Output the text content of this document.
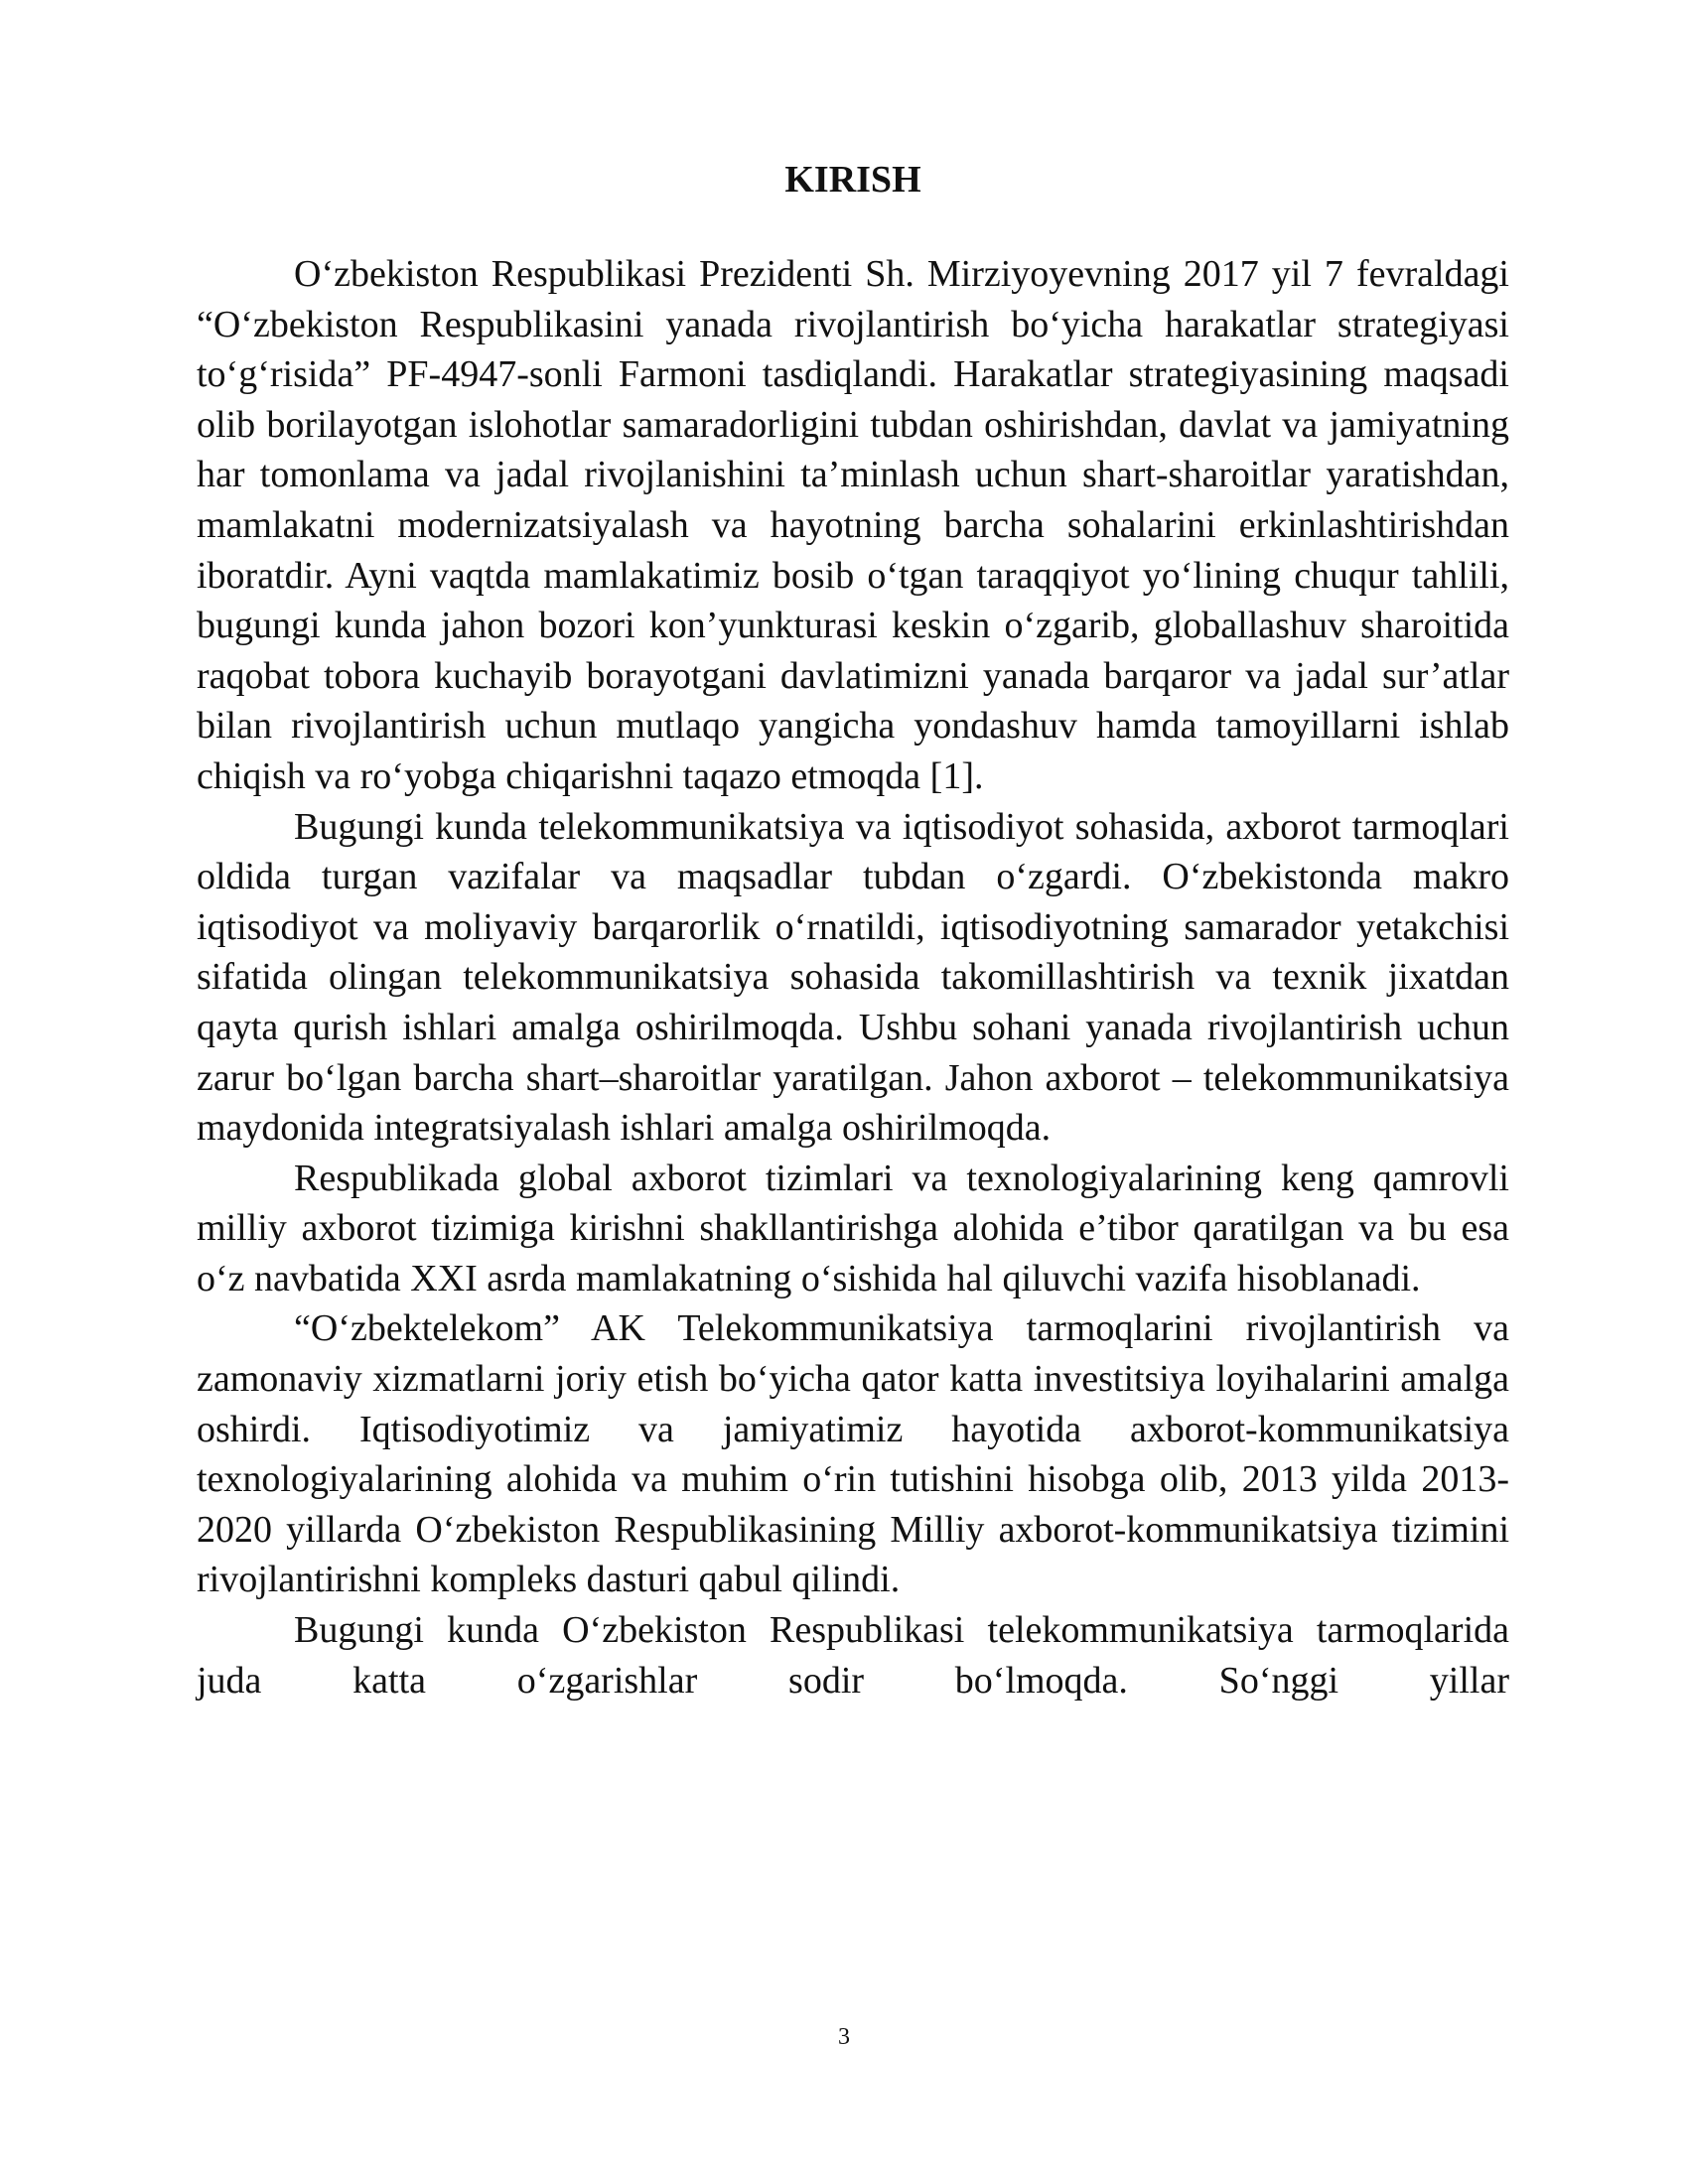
KIRISH

O‘zbekiston Respublikasi Prezidenti Sh. Mirziyoyevning 2017 yil 7 fevraldagi “O‘zbekiston Respublikasini yanada rivojlantirish bo‘yicha harakatlar strategiyasi to‘g‘risida” PF-4947-sonli Farmoni tasdiqlandi. Harakatlar strategiyasining maqsadi olib borilayotgan islohotlar samaradorligini tubdan oshirishdan, davlat va jamiyatning har tomonlama va jadal rivojlanishini ta’minlash uchun shart-sharoitlar yaratishdan, mamlakatni modernizatsiyalash va hayotning barcha sohalarini erkinlashtirishdan iboratdir. Ayni vaqtda mamlakatimiz bosib o‘tgan taraqqiyot yo‘lining chuqur tahlili, bugungi kunda jahon bozori kon’yunkturasi keskin o‘zgarib, globallashuv sharoitida raqobat tobora kuchayib borayotgani davlatimizni yanada barqaror va jadal sur’atlar bilan rivojlantirish uchun mutlaqo yangicha yondashuv hamda tamoyillarni ishlab chiqish va ro‘yobga chiqarishni taqazo etmoqda [1].

Bugungi kunda telekommunikatsiya va iqtisodiyot sohasida, axborot tarmoqlari oldida turgan vazifalar va maqsadlar tubdan o‘zgardi. O‘zbekistonda makro iqtisodiyot va moliyaviy barqarorlik o‘rnatildi, iqtisodiyotning samarador yetakchisi sifatida olingan telekommunikatsiya sohasida takomillashtirish va texnik jixatdan qayta qurish ishlari amalga oshirilmoqda. Ushbu sohani yanada rivojlantirish uchun zarur bo‘lgan barcha shart–sharoitlar yaratilgan. Jahon axborot – telekommunikatsiya maydonida integratsiyalash ishlari amalga oshirilmoqda.

Respublikada global axborot tizimlari va texnologiyalarining keng qamrovli milliy axborot tizimiga kirishni shakllantirishga alohida e’tibor qaratilgan va bu esa o‘z navbatida XXI asrda mamlakatning o‘sishida hal qiluvchi vazifa hisoblanadi.

“O‘zbektelekom” AK Telekommunikatsiya tarmoqlarini rivojlantirish va zamonaviy xizmatlarni joriy etish bo‘yicha qator katta investitsiya loyihalarini amalga oshirdi. Iqtisodiyotimiz va jamiyatimiz hayotida axborot-kommunikatsiya texnologiyalarining alohida va muhim o‘rin tutishini hisobga olib, 2013 yilda 2013-2020 yillarda O‘zbekiston Respublikasining Milliy axborot-kommunikatsiya tizimini rivojlantirishni kompleks dasturi qabul qilindi.

Bugungi kunda O‘zbekiston Respublikasi telekommunikatsiya tarmoqlarida juda katta o‘zgarishlar sodir bo‘lmoqda. So‘nggi yillar

3
